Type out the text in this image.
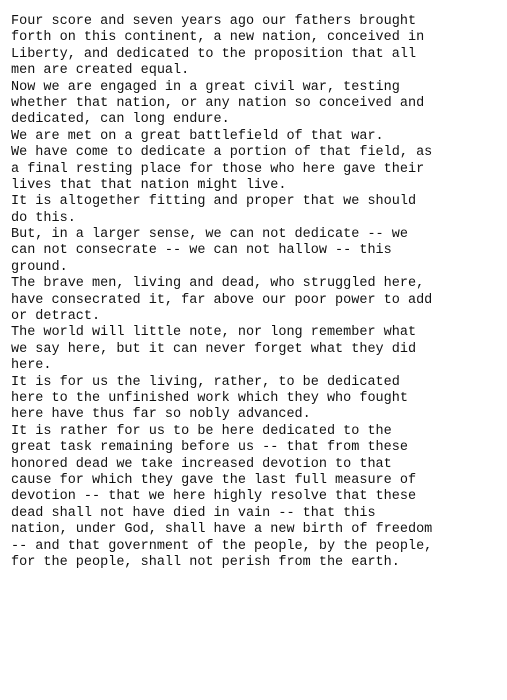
Four score and seven years ago our fathers brought
forth on this continent, a new nation, conceived in
Liberty, and dedicated to the proposition that all
men are created equal.
Now we are engaged in a great civil war, testing
whether that nation, or any nation so conceived and
dedicated, can long endure.
We are met on a great battlefield of that war.
We have come to dedicate a portion of that field, as
a final resting place for those who here gave their
lives that that nation might live.
It is altogether fitting and proper that we should
do this.
But, in a larger sense, we can not dedicate -- we
can not consecrate -- we can not hallow -- this
ground.
The brave men, living and dead, who struggled here,
have consecrated it, far above our poor power to add
or detract.
The world will little note, nor long remember what
we say here, but it can never forget what they did
here.
It is for us the living, rather, to be dedicated
here to the unfinished work which they who fought
here have thus far so nobly advanced.
It is rather for us to be here dedicated to the
great task remaining before us -- that from these
honored dead we take increased devotion to that
cause for which they gave the last full measure of
devotion -- that we here highly resolve that these
dead shall not have died in vain -- that this
nation, under God, shall have a new birth of freedom
-- and that government of the people, by the people,
for the people, shall not perish from the earth.
